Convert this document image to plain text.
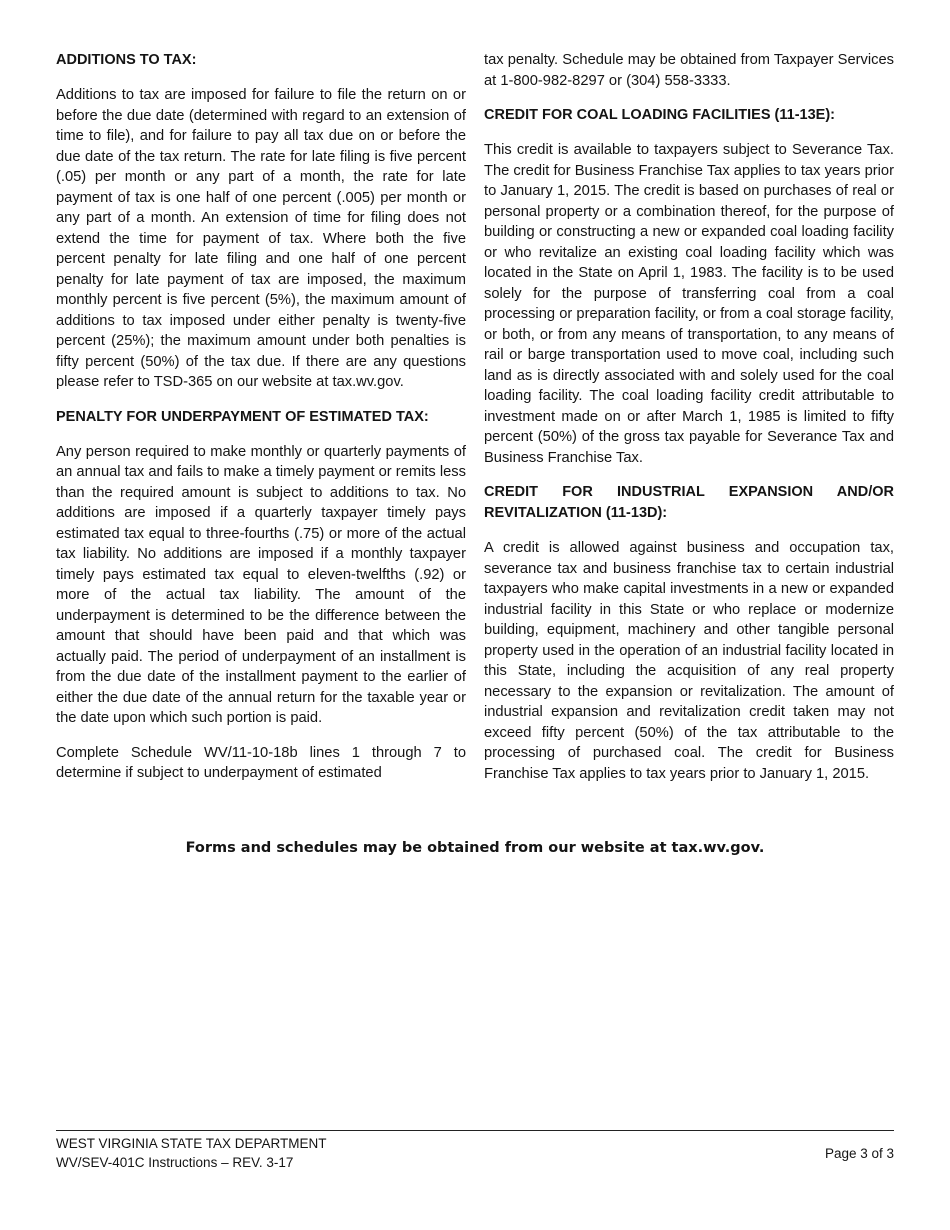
ADDITIONS TO TAX:

Additions to tax are imposed for failure to file the return on or before the due date (determined with regard to an extension of time to file), and for failure to pay all tax due on or before the due date of the tax return. The rate for late filing is five percent (.05) per month or any part of a month, the rate for late payment of tax is one half of one percent (.005) per month or any part of a month. An extension of time for filing does not extend the time for payment of tax. Where both the five percent penalty for late filing and one half of one percent penalty for late payment of tax are imposed, the maximum monthly percent is five percent (5%), the maximum amount of additions to tax imposed under either penalty is twenty-five percent (25%); the maximum amount under both penalties is fifty percent (50%) of the tax due. If there are any questions please refer to TSD-365 on our website at tax.wv.gov.

PENALTY FOR UNDERPAYMENT OF ESTIMATED TAX:

Any person required to make monthly or quarterly payments of an annual tax and fails to make a timely payment or remits less than the required amount is subject to additions to tax. No additions are imposed if a quarterly taxpayer timely pays estimated tax equal to three-fourths (.75) or more of the actual tax liability. No additions are imposed if a monthly taxpayer timely pays estimated tax equal to eleven-twelfths (.92) or more of the actual tax liability. The amount of the underpayment is determined to be the difference between the amount that should have been paid and that which was actually paid. The period of underpayment of an installment is from the due date of the installment payment to the earlier of either the due date of the annual return for the taxable year or the date upon which such portion is paid.

Complete Schedule WV/11-10-18b lines 1 through 7 to determine if subject to underpayment of estimated

tax penalty. Schedule may be obtained from Taxpayer Services at 1-800-982-8297 or (304) 558-3333.

CREDIT FOR COAL LOADING FACILITIES (11-13E):

This credit is available to taxpayers subject to Severance Tax. The credit for Business Franchise Tax applies to tax years prior to January 1, 2015. The credit is based on purchases of real or personal property or a combination thereof, for the purpose of building or constructing a new or expanded coal loading facility or who revitalize an existing coal loading facility which was located in the State on April 1, 1983. The facility is to be used solely for the purpose of transferring coal from a coal processing or preparation facility, or from a coal storage facility, or both, or from any means of transportation, to any means of rail or barge transportation used to move coal, including such land as is directly associated with and solely used for the coal loading facility. The coal loading facility credit attributable to investment made on or after March 1, 1985 is limited to fifty percent (50%) of the gross tax payable for Severance Tax and Business Franchise Tax.

CREDIT FOR INDUSTRIAL EXPANSION AND/OR REVITALIZATION (11-13D):

A credit is allowed against business and occupation tax, severance tax and business franchise tax to certain industrial taxpayers who make capital investments in a new or expanded industrial facility in this State or who replace or modernize building, equipment, machinery and other tangible personal property used in the operation of an industrial facility located in this State, including the acquisition of any real property necessary to the expansion or revitalization. The amount of industrial expansion and revitalization credit taken may not exceed fifty percent (50%) of the tax attributable to the processing of purchased coal. The credit for Business Franchise Tax applies to tax years prior to January 1, 2015.

Forms and schedules may be obtained from our website at tax.wv.gov.
WEST VIRGINIA STATE TAX DEPARTMENT
WV/SEV-401C Instructions – REV. 3-17
Page 3 of 3
